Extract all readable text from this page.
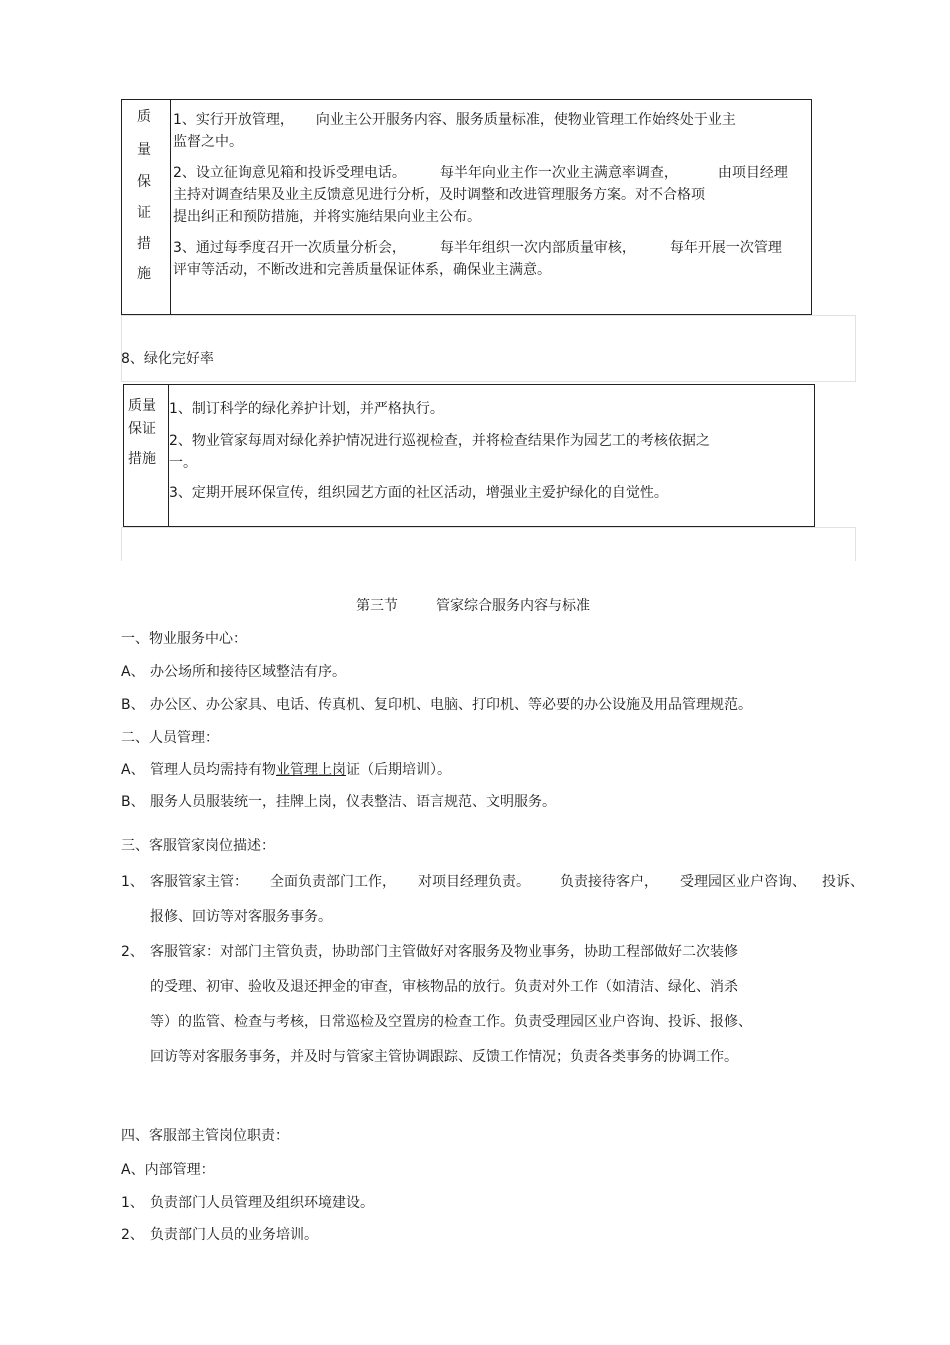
质
量
保
证
措
施
1、实行开放管理， 向业主公开服务内容、服务质量标准，使物业管理工作始终处于业主
监督之中。
2、设立征询意见箱和投诉受理电话。 每半年向业主作一次业主满意率调查，	由项目经理
主持对调查结果及业主反馈意见进行分析，及时调整和改进管理服务方案。对不合格项
提出纠正和预防措施，并将实施结果向业主公布。
3、通过每季度召开一次质量分析会， 每半年组织一次内部质量审核， 每年开展一次管理
评审等活动，不断改进和完善质量保证体系，确保业主满意。
8、绿化完好率
质量
保证
措施
1、制订科学的绿化养护计划，并严格执行。
2、物业管家每周对绿化养护情况进行巡视检查，并将检查结果作为园艺工的考核依据之
一。
3、定期开展环保宣传，组织园艺方面的社区活动，增强业主爱护绿化的自觉性。
第三节	管家综合服务内容与标准
一、物业服务中心：
A、 办公场所和接待区域整洁有序。
B、 办公区、办公家具、电话、传真机、复印机、电脑、打印机、等必要的办公设施及用品管理规范。
二、人员管理：
A、 管理人员均需持有物业管理上岗证（后期培训）。
B、 服务人员服装统一，挂牌上岗，仪表整洁、语言规范、文明服务。
三、客服管家岗位描述：
1、 客服管家主管： 全面负责部门工作， 对项目经理负责。 负责接待客户， 受理园区业户咨询、 投诉、
报修、回访等对客服务事务。
2、 客服管家：对部门主管负责，协助部门主管做好对客服务及物业事务，协助工程部做好二次装修
的受理、初审、验收及退还押金的审查，审核物品的放行。负责对外工作（如清洁、绿化、消杀
等）的监管、检查与考核，日常巡检及空置房的检查工作。负责受理园区业户咨询、投诉、报修、
回访等对客服务事务，并及时与管家主管协调跟踪、反馈工作情况；负责各类事务的协调工作。
四、客服部主管岗位职责：
A、内部管理：
1、 负责部门人员管理及组织环境建设。
2、 负责部门人员的业务培训。
